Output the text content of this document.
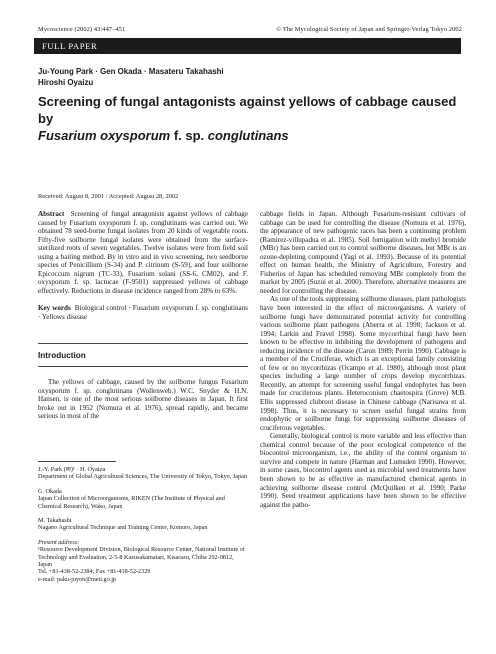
Mycoscience (2002) 43:447–451	© The Mycological Society of Japan and Springer-Verlag Tokyo 2002
FULL PAPER
Ju-Young Park · Gen Okada · Masateru Takahashi
Hiroshi Oyaizu
Screening of fungal antagonists against yellows of cabbage caused by
Fusarium oxysporum f. sp. conglutinans
Received: August 8, 2001 / Accepted: August 28, 2002

Abstract Screening of fungal antagonists against yellows of cabbage caused by Fusarium oxysporum f. sp. conglutinans was carried out. We obtained 78 seed-borne fungal isolates from 20 kinds of vegetable roots. Fifty-five soilborne fungal isolates were obtained from the surface-sterilized roots of seven vegetables. Twelve isolates were from field soil using a baiting method. By in vitro and in vivo screening, two seedborne species of Penicillium (S-34) and P. citrinum (S-59), and four soilborne Epicoccum nigrum (TC-33), Fusarium solani (SS-6, CM02), and F. oxysporum f. sp. lactucae (F-9501) suppressed yellows of cabbage effectively. Reductions in disease incidence ranged from 28% to 63%.

Key words Biological control · Fusarium oxysporum f. sp. conglutinans · Yellows disease

Introduction

The yellows of cabbage, caused by the soilborne fungus Fusarium oxysporum f. sp. conglutinans (Wollenweb.) W.C. Snyder & H.N. Hansen, is one of the most serious soilborne diseases in Japan. It first broke out in 1952 (Nomura et al. 1976), spread rapidly, and became serious in most of the

J.-Y. Park (✉)¹ · H. Oyaizu

Department of Global Agricultural Sciences, The University of Tokyo, Tokyo, Japan

G. Okada

Japan Collection of Microorganisms, RIKEN (The Institute of Physical and Chemical Research), Wako, Japan

M. Takahashi

Nagano Agricultural Technique and Training Center, Komoro, Japan

Present address:

¹Resource Development Division, Biological Resource Center, National Institute of Technology and Evaluation, 2-5-8 Kazusakamatari, Kisarazu, Chiba 292-0812, Japan

Tel. +81-438-52-2384; Fax +81-438-52-2329

e-mail: paku-juyon@meti.go.jp

cabbage fields in Japan. Although Fusarium-resistant cultivars of cabbage can be used for controlling the disease (Nomura et al. 1976), the appearance of new pathogenic races has been a continuing problem (Ramirez-villupadua et al. 1985). Soil fumigation with methyl bromide (MBr) has been carried out to control soilborne diseases, but MBr is an ozone-depleting compound (Yagi et al. 1993). Because of its potential effect on human health, the Ministry of Agriculture, Forestry and Fisheries of Japan has scheduled removing MBr completely from the market by 2005 (Suzui et al. 2000). Therefore, alternative measures are needed for controlling the disease.

As one of the tools suppressing soilborne diseases, plant pathologists have been interested in the effect of microorganisms. A variety of soilborne fungi have demonstrated potential activity for controlling various soilborne plant pathogens (Aberra et al. 1998; Jackson et al. 1994; Larkin and Fravel 1998). Some mycorrhizal fungi have been known to be effective in inhibiting the development of pathogens and reducing incidence of the disease (Caron 1989; Perrin 1990). Cabbage is a member of the Cruciferae, which is an exceptional family consisting of few or no mycorrhizas (Ocampo et al. 1980), although most plant species including a large number of crops develop mycorrhizas. Recently, an attempt for screening useful fungal endophytes has been made for cruciferous plants. Heteroconium chaetospira (Grove) M.B. Ellis suppressed clubroot disease in Chinese cabbage (Narisawa et al. 1998). Thus, it is necessary to screen useful fungal strains from endophytic or soilborne fungi for suppressing soilborne diseases of cruciferous vegetables.

Generally, biological control is more variable and less effective than chemical control because of the poor ecological competence of the biocontrol microorganism, i.e., the ability of the control organism to survive and compete in nature (Harman and Lumsden 1990). However, in some cases, biocontrol agents used as microbial seed treatments have been shown to be as effective as manufactured chemical agents in achieving soilborne disease control (McQuilken et al. 1990; Parke 1990). Seed treatment applications have been shown to be effective against the patho-
